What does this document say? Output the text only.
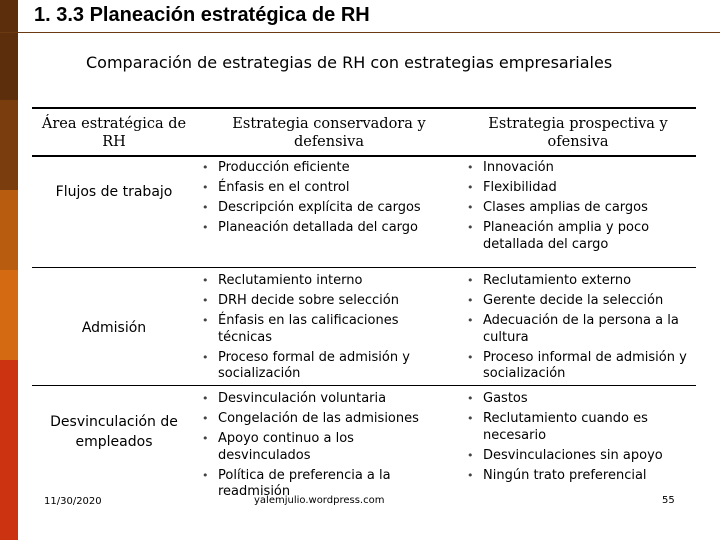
1. 3.3 Planeación estratégica de RH

Comparación de estrategias de RH con estrategias empresariales

Área estratégica de RH
Estrategia conservadora y defensiva
Estrategia prospectiva y ofensiva
Flujos de trabajo
• Producción eficiente
• Énfasis en el control
• Descripción explícita de cargos
• Planeación detallada del cargo
• Innovación
• Flexibilidad
• Clases amplias de cargos
• Planeación amplia y poco detallada del cargo
Admisión
• Reclutamiento interno
• DRH decide sobre selección
• Énfasis en las calificaciones técnicas
• Proceso formal de admisión y socialización
• Reclutamiento externo
• Gerente decide la selección
• Adecuación de la persona a la cultura
• Proceso informal de admisión y socialización
Desvinculación de empleados
• Desvinculación voluntaria
• Congelación de las admisiones
• Apoyo continuo a los desvinculados
• Política de preferencia a la readmisión
• Gastos
• Reclutamiento cuando es necesario
• Desvinculaciones sin apoyo
• Ningún trato preferencial
11/30/2020	yalemjulio.wordpress.com	55
